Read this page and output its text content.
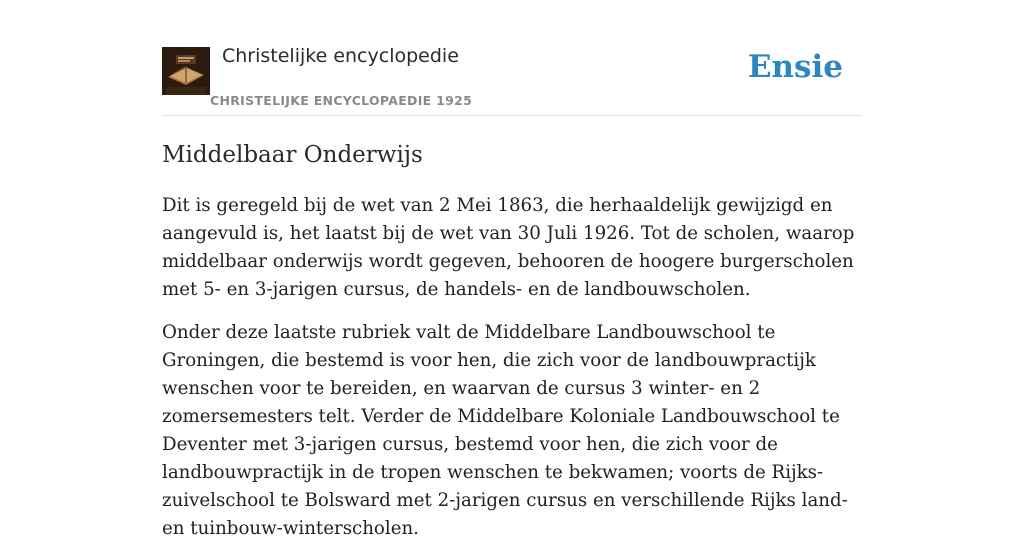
Christelijke encyclopedie
CHRISTELIJKE ENCYCLOPAEDIE 1925
Ensie
Middelbaar Onderwijs

Dit is geregeld bij de wet van 2 Mei 1863, die herhaaldelijk gewijzigd en aangevuld is, het laatst bij de wet van 30 Juli 1926. Tot de scholen, waarop middelbaar onderwijs wordt gegeven, behooren de hoogere burgerscholen met 5- en 3-jarigen cursus, de handels- en de landbouwscholen.

Onder deze laatste rubriek valt de Middelbare Landbouwschool te Groningen, die bestemd is voor hen, die zich voor de landbouwpractijk wenschen voor te bereiden, en waarvan de cursus 3 winter- en 2 zomersemesters telt. Verder de Middelbare Koloniale Landbouwschool te Deventer met 3-jarigen cursus, bestemd voor hen, die zich voor de landbouwpractijk in de tropen wenschen te bekwamen; voorts de Rijks-zuivelschool te Bolsward met 2-jarigen cursus en verschillende Rijks land- en tuinbouw-winterscholen.
